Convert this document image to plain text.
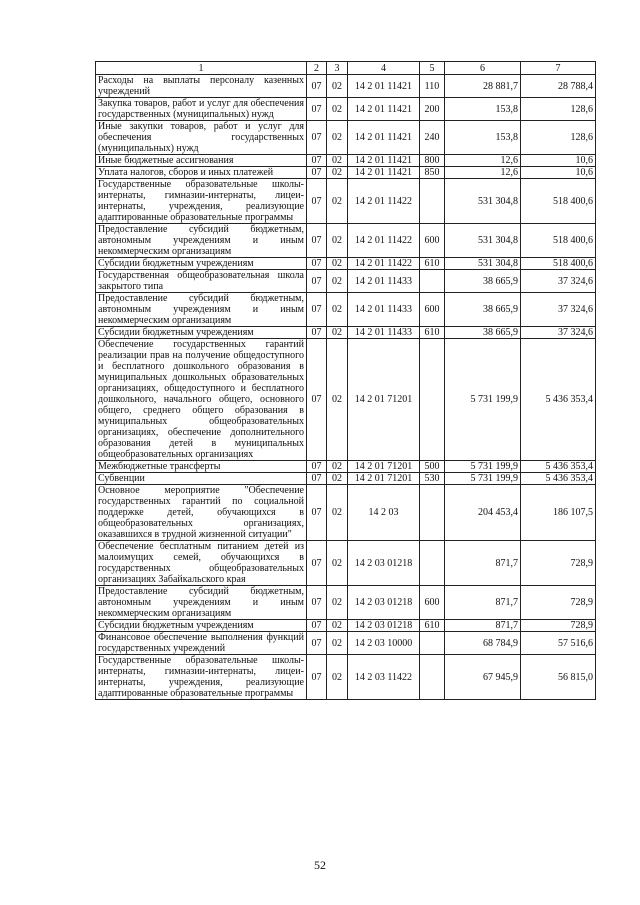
1	2	3	4	5	6	7
Расходы на выплаты персоналу казенных учреждений	07	02	14 2 01 11421	110	28 881,7	28 788,4
Закупка товаров, работ и услуг для обеспечения государственных (муниципальных) нужд	07	02	14 2 01 11421	200	153,8	128,6
Иные закупки товаров, работ и услуг для обеспечения государственных (муниципальных) нужд	07	02	14 2 01 11421	240	153,8	128,6
Иные бюджетные ассигнования	07	02	14 2 01 11421	800	12,6	10,6
Уплата налогов, сборов и иных платежей	07	02	14 2 01 11421	850	12,6	10,6
Государственные образовательные школы-интернаты, гимназии-интернаты, лицеи-интернаты, учреждения, реализующие адаптированные образовательные программы	07	02	14 2 01 11422		531 304,8	518 400,6
Предоставление субсидий бюджетным, автономным учреждениям и иным некоммерческим организациям	07	02	14 2 01 11422	600	531 304,8	518 400,6
Субсидии бюджетным учреждениям	07	02	14 2 01 11422	610	531 304,8	518 400,6
Государственная общеобразовательная школа закрытого типа	07	02	14 2 01 11433		38 665,9	37 324,6
Предоставление субсидий бюджетным, автономным учреждениям и иным некоммерческим организациям	07	02	14 2 01 11433	600	38 665,9	37 324,6
Субсидии бюджетным учреждениям	07	02	14 2 01 11433	610	38 665,9	37 324,6
Обеспечение государственных гарантий реализации прав на получение общедоступного и бесплатного дошкольного образования в муниципальных дошкольных образовательных организациях, общедоступного и бесплатного дошкольного, начального общего, основного общего, среднего общего образования в муниципальных общеобразовательных организациях, обеспечение дополнительного образования детей в муниципальных общеобразовательных организациях	07	02	14 2 01 71201		5 731 199,9	5 436 353,4
Межбюджетные трансферты	07	02	14 2 01 71201	500	5 731 199,9	5 436 353,4
Субвенции	07	02	14 2 01 71201	530	5 731 199,9	5 436 353,4
Основное мероприятие "Обеспечение государственных гарантий по социальной поддержке детей, обучающихся в общеобразовательных организациях, оказавшихся в трудной жизненной ситуации"	07	02	14 2 03		204 453,4	186 107,5
Обеспечение бесплатным питанием детей из малоимущих семей, обучающихся в государственных общеобразовательных организациях Забайкальского края	07	02	14 2 03 01218		871,7	728,9
Предоставление субсидий бюджетным, автономным учреждениям и иным некоммерческим организациям	07	02	14 2 03 01218	600	871,7	728,9
Субсидии бюджетным учреждениям	07	02	14 2 03 01218	610	871,7	728,9
Финансовое обеспечение выполнения функций государственных учреждений	07	02	14 2 03 10000		68 784,9	57 516,6
Государственные образовательные школы-интернаты, гимназии-интернаты, лицеи-интернаты, учреждения, реализующие адаптированные образовательные программы	07	02	14 2 03 11422		67 945,9	56 815,0
52
